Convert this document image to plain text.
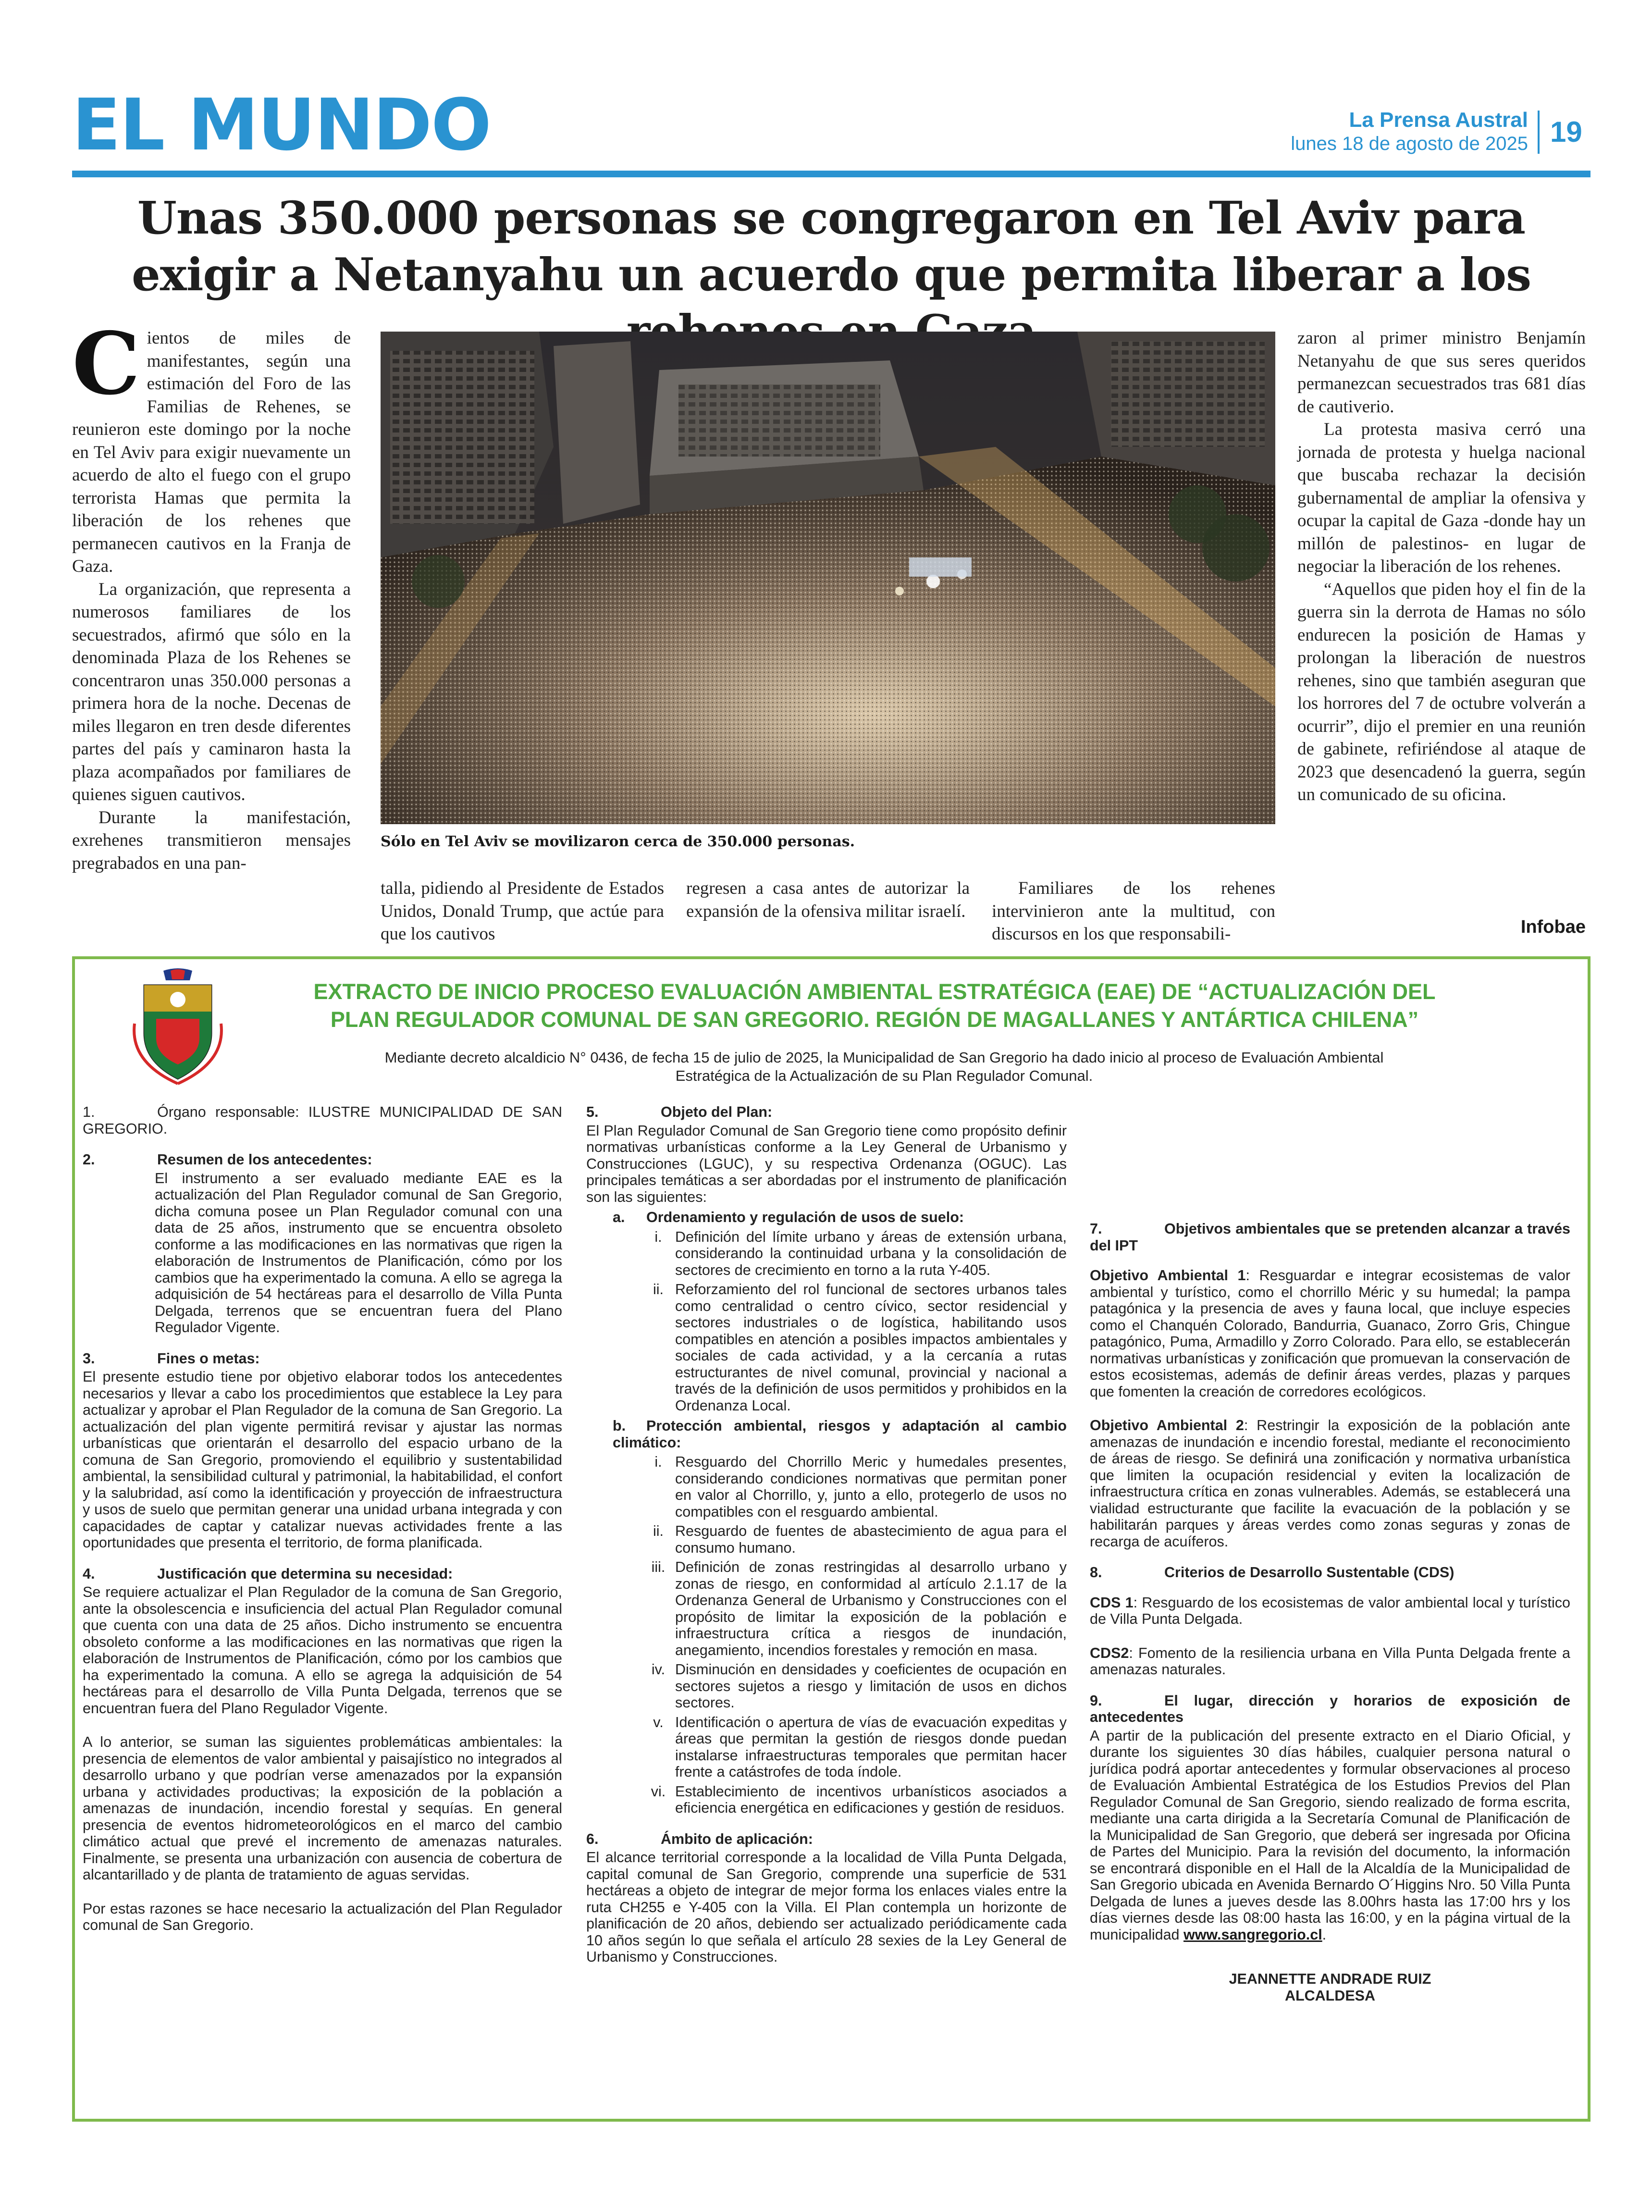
EL MUNDO	La Prensa Austral
lunes 18 de agosto de 2025 19
Unas 350.000 personas se congregaron en Tel Aviv para exigir a Netanyahu un acuerdo que permita liberar a los

Cientos de miles de manifestantes, según una estimación del Foro de las Familias de Rehenes, se reunieron este domingo por la noche en Tel Aviv para exigir nuevamente un acuerdo de alto el fuego con el grupo terrorista Hamas que permita la liberación de los rehenes que permanecen cautivos en la Franja de Gaza.

La organización, que representa a numerosos familiares de los secuestrados, afirmó que sólo en la denominada Plaza de los Rehenes se concentraron unas 350.000 personas a primera hora de la noche. Decenas de miles llegaron en tren desde diferentes partes del país y caminaron hasta la plaza acompañados por familiares de quienes siguen cautivos.

Durante la manifestación, exrehenes transmitieron mensajes pregrabados en una pan-

Sólo en Tel Aviv se movilizaron cerca de 350.000 personas.

talla, pidiendo al Presidente de Estados Unidos, Donald Trump, que actúe para que los cautivos

regresen a casa antes de autorizar la expansión de la ofensiva militar israelí.

Familiares de los rehenes intervinieron ante la multitud, con discursos en los que responsabili-

zaron al primer ministro Benjamín Netanyahu de que sus seres queridos permanezcan secuestrados tras 681 días de cautiverio.

La protesta masiva cerró una jornada de protesta y huelga nacional que buscaba rechazar la decisión gubernamental de ampliar la ofensiva y ocupar la capital de Gaza -donde hay un millón de palestinos- en lugar de negociar la liberación de los rehenes.

“Aquellos que piden hoy el fin de la guerra sin la derrota de Hamas no sólo endurecen la posición de Hamas y prolongan la liberación de nuestros rehenes, sino que también aseguran que los horrores del 7 de octubre volverán a ocurrir”, dijo el premier en una reunión de gabinete, refiriéndose al ataque de 2023 que desencadenó la guerra, según un comunicado de su oficina.

Infobae
EXTRACTO DE INICIO PROCESO EVALUACIÓN AMBIENTAL ESTRATÉGICA (EAE) DE “ACTUALIZACIÓN DEL PLAN REGULADOR COMUNAL DE SAN GREGORIO. REGIÓN DE MAGALLANES Y ANTÁRTICA CHILENA”
Mediante decreto alcaldicio N° 0436, de fecha 15 de julio de 2025, la Municipalidad de San Gregorio ha dado inicio al proceso de Evaluación Ambiental Estratégica de la Actualización de su Plan Regulador Comunal.
1.	Órgano responsable: ILUSTRE MUNICIPALIDAD DE SAN GREGORIO.
2.	Resumen de los antecedentes:

El instrumento a ser evaluado mediante EAE es la actualización del Plan Regulador comunal de San Gregorio, dicha comuna posee un Plan Regulador comunal con una data de 25 años, instrumento que se encuentra obsoleto conforme a las modificaciones en las normativas que rigen la elaboración de Instrumentos de Planificación, cómo por los cambios que ha experimentado la comuna. A ello se agrega la adquisición de 54 hectáreas para el desarrollo de Villa Punta Delgada, terrenos que se encuentran fuera del Plano Regulador Vigente.

3.	Fines o metas:

El presente estudio tiene por objetivo elaborar todos los antecedentes necesarios y llevar a cabo los procedimientos que establece la Ley para actualizar y aprobar el Plan Regulador de la comuna de San Gregorio. La actualización del plan vigente permitirá revisar y ajustar las normas urbanísticas que orientarán el desarrollo del espacio urbano de la comuna de San Gregorio, promoviendo el equilibrio y sustentabilidad ambiental, la sensibilidad cultural y patrimonial, la habitabilidad, el confort y la salubridad, así como la identificación y proyección de infraestructura y usos de suelo que permitan generar una unidad urbana integrada y con capacidades de captar y catalizar nuevas actividades frente a las oportunidades que presenta el territorio, de forma planificada.

4.	Justificación que determina su necesidad:

Se requiere actualizar el Plan Regulador de la comuna de San Gregorio, ante la obsolescencia e insuficiencia del actual Plan Regulador comunal que cuenta con una data de 25 años. Dicho instrumento se encuentra obsoleto conforme a las modificaciones en las normativas que rigen la elaboración de Instrumentos de Planificación, cómo por los cambios que ha experimentado la comuna. A ello se agrega la adquisición de 54 hectáreas para el desarrollo de Villa Punta Delgada, terrenos que se encuentran fuera del Plano Regulador Vigente.

A lo anterior, se suman las siguientes problemáticas ambientales: la presencia de elementos de valor ambiental y paisajístico no integrados al desarrollo urbano y que podrían verse amenazados por la expansión urbana y actividades productivas; la exposición de la población a amenazas de inundación, incendio forestal y sequías. En general presencia de eventos hidrometeorológicos en el marco del cambio climático actual que prevé el incremento de amenazas naturales. Finalmente, se presenta una urbanización con ausencia de cobertura de alcantarillado y de planta de tratamiento de aguas servidas.

Por estas razones se hace necesario la actualización del Plan Regulador comunal de San Gregorio.

5.	Objeto del Plan:

El Plan Regulador Comunal de San Gregorio tiene como propósito definir normativas urbanísticas conforme a la Ley General de Urbanismo y Construcciones (LGUC), y su respectiva Ordenanza (OGUC). Las principales temáticas a ser abordadas por el instrumento de planificación son las siguientes:

a. Ordenamiento y regulación de usos de suelo:
i. Definición del límite urbano y áreas de extensión urbana, considerando la continuidad urbana y la consolidación de sectores de crecimiento en torno a la ruta Y-405.
ii. Reforzamiento del rol funcional de sectores urbanos tales como centralidad o centro cívico, sector residencial y sectores industriales o de logística, habilitando usos compatibles en atención a posibles impactos ambientales y sociales de cada actividad, y a la cercanía a rutas estructurantes de nivel comunal, provincial y nacional a través de la definición de usos permitidos y prohibidos en la Ordenanza Local.
b. Protección ambiental, riesgos y adaptación al cambio climático:
i. Resguardo del Chorrillo Meric y humedales presentes, considerando condiciones normativas que permitan poner en valor al Chorrillo, y, junto a ello, protegerlo de usos no compatibles con el resguardo ambiental.
ii. Resguardo de fuentes de abastecimiento de agua para el consumo humano.
iii. Definición de zonas restringidas al desarrollo urbano y zonas de riesgo, en conformidad al artículo 2.1.17 de la Ordenanza General de Urbanismo y Construcciones con el propósito de limitar la exposición de la población e infraestructura crítica a riesgos de inundación, anegamiento, incendios forestales y remoción en masa.
iv. Disminución en densidades y coeficientes de ocupación en sectores sujetos a riesgo y limitación de usos en dichos sectores.
v. Identificación o apertura de vías de evacuación expeditas y áreas que permitan la gestión de riesgos donde puedan instalarse infraestructuras temporales que permitan hacer frente a catástrofes de toda índole.
vi. Establecimiento de incentivos urbanísticos asociados a eficiencia energética en edificaciones y gestión de residuos.
6.	Ámbito de aplicación:

El alcance territorial corresponde a la localidad de Villa Punta Delgada, capital comunal de San Gregorio, comprende una superficie de 531 hectáreas a objeto de integrar de mejor forma los enlaces viales entre la ruta CH255 e Y-405 con la Villa. El Plan contempla un horizonte de planificación de 20 años, debiendo ser actualizado periódicamente cada 10 años según lo que señala el artículo 28 sexies de la Ley General de Urbanismo y Construcciones.

7.	Objetivos ambientales que se pretenden alcanzar a través del IPT

Objetivo Ambiental 1: Resguardar e integrar ecosistemas de valor ambiental y turístico, como el chorrillo Méric y su humedal; la pampa patagónica y la presencia de aves y fauna local, que incluye especies como el Chanquén Colorado, Bandurria, Guanaco, Zorro Gris, Chingue patagónico, Puma, Armadillo y Zorro Colorado. Para ello, se establecerán normativas urbanísticas y zonificación que promuevan la conservación de estos ecosistemas, además de definir áreas verdes, plazas y parques que fomenten la creación de corredores ecológicos.

Objetivo Ambiental 2: Restringir la exposición de la población ante amenazas de inundación e incendio forestal, mediante el reconocimiento de áreas de riesgo. Se definirá una zonificación y normativa urbanística que limiten la ocupación residencial y eviten la localización de infraestructura crítica en zonas vulnerables. Además, se establecerá una vialidad estructurante que facilite la evacuación de la población y se habilitarán parques y áreas verdes como zonas seguras y zonas de recarga de acuíferos.

8.	Criterios de Desarrollo Sustentable (CDS)

CDS 1: Resguardo de los ecosistemas de valor ambiental local y turístico de Villa Punta Delgada.

CDS2: Fomento de la resiliencia urbana en Villa Punta Delgada frente a amenazas naturales.

9.	El lugar, dirección y horarios de exposición de antecedentes

A partir de la publicación del presente extracto en el Diario Oficial, y durante los siguientes 30 días hábiles, cualquier persona natural o jurídica podrá aportar antecedentes y formular observaciones al proceso de Evaluación Ambiental Estratégica de los Estudios Previos del Plan Regulador Comunal de San Gregorio, siendo realizado de forma escrita, mediante una carta dirigida a la Secretaría Comunal de Planificación de la Municipalidad de San Gregorio, que deberá ser ingresada por Oficina de Partes del Municipio. Para la revisión del documento, la información se encontrará disponible en el Hall de la Alcaldía de la Municipalidad de San Gregorio ubicada en Avenida Bernardo O´Higgins Nro. 50 Villa Punta Delgada de lunes a jueves desde las 8.00hrs hasta las 17:00 hrs y los días viernes desde las 08:00 hasta las 16:00, y en la página virtual de la municipalidad www.sangregorio.cl.

JEANNETTE ANDRADE RUIZ
ALCALDESA
